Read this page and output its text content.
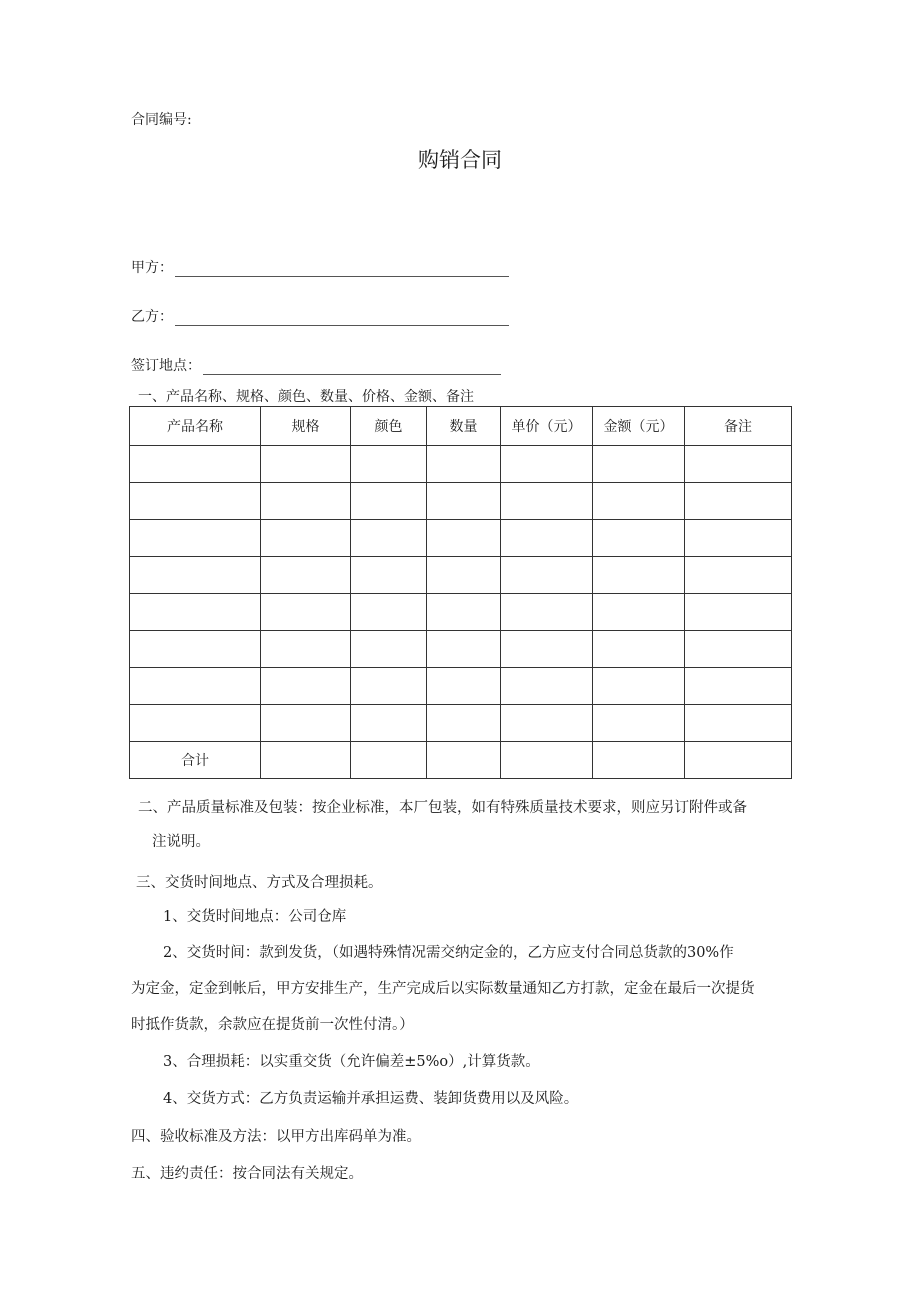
合同编号:
购销合同
甲方：
乙方：
签订地点：
一、产品名称、规格、颜色、数量、价格、金额、备注
产品名称	规格	颜色	数量	单价（元）	金额（元）	备注

合计						
二、产品质量标准及包装：按企业标准，本厂包装，如有特殊质量技术要求，则应另订附件或备
注说明。
三、交货时间地点、方式及合理损耗。
1、交货时间地点：公司仓库
2、交货时间：款到发货，（如遇特殊情况需交纳定金的，乙方应支付合同总货款的30%作
为定金，定金到帐后，甲方安排生产，生产完成后以实际数量通知乙方打款，定金在最后一次提货
时抵作货款，余款应在提货前一次性付清。）
3、合理损耗：以实重交货（允许偏差±5%o）,计算货款。
4、交货方式：乙方负责运输并承担运费、装卸货费用以及风险。
四、验收标准及方法：以甲方出库码单为准。
五、违约责任：按合同法有关规定。
